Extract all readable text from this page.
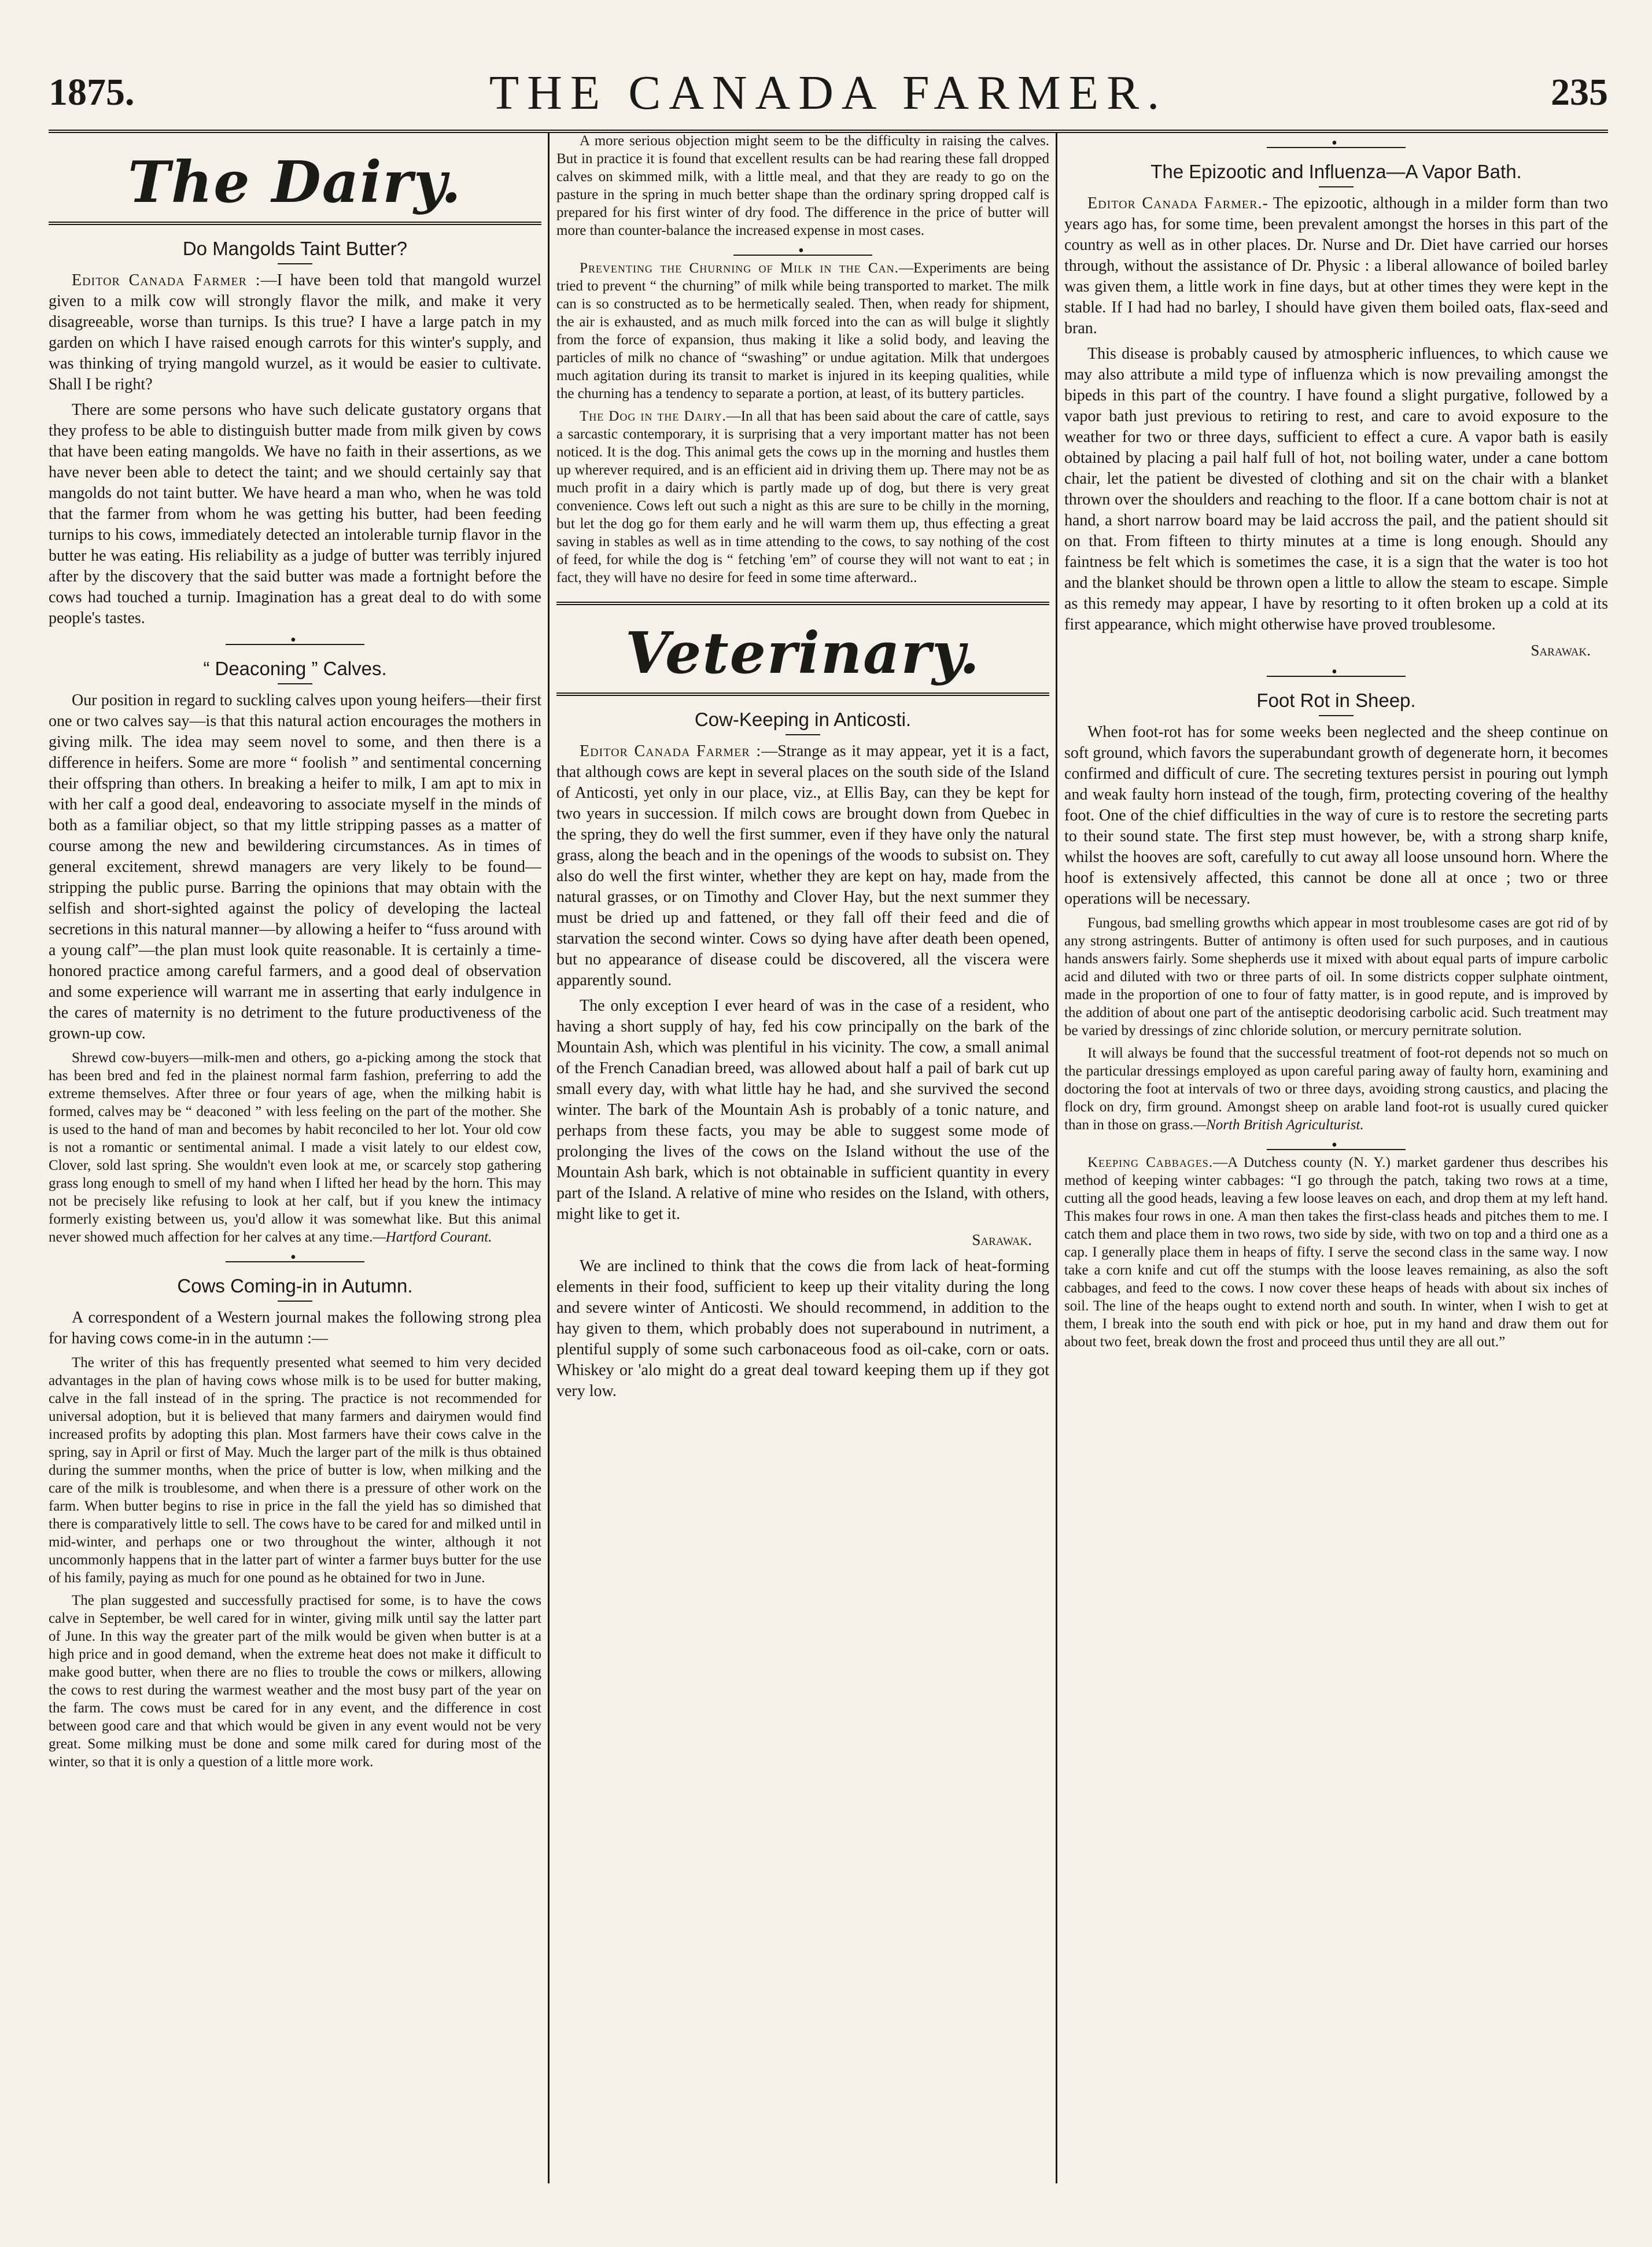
1875.	THE CANADA FARMER.	235
The Dairy.
Do Mangolds Taint Butter?

Editor Canada Farmer :—I have been told that mangold wurzel given to a milk cow will strongly flavor the milk, and make it very disagreeable, worse than turnips. Is this true? I have a large patch in my garden on which I have raised enough carrots for this winter's supply, and was thinking of trying mangold wurzel, as it would be easier to cultivate. Shall I be right?

There are some persons who have such delicate gustatory organs that they profess to be able to distinguish butter made from milk given by cows that have been eating mangolds. We have no faith in their assertions, as we have never been able to detect the taint; and we should certainly say that mangolds do not taint butter. We have heard a man who, when he was told that the farmer from whom he was getting his butter, had been feeding turnips to his cows, immediately detected an intolerable turnip flavor in the butter he was eating. His reliability as a judge of butter was terribly injured after by the discovery that the said butter was made a fortnight before the cows had touched a turnip. Imagination has a great deal to do with some people's tastes.

•
“ Deaconing ” Calves.

Our position in regard to suckling calves upon young heifers—their first one or two calves say—is that this natural action encourages the mothers in giving milk. The idea may seem novel to some, and then there is a difference in heifers. Some are more “ foolish ” and sentimental concerning their offspring than others. In breaking a heifer to milk, I am apt to mix in with her calf a good deal, endeavoring to associate myself in the minds of both as a familiar object, so that my little stripping passes as a matter of course among the new and bewildering circumstances. As in times of general excitement, shrewd managers are very likely to be found—stripping the public purse. Barring the opinions that may obtain with the selfish and short-sighted against the policy of developing the lacteal secretions in this natural manner—by allowing a heifer to “fuss around with a young calf”—the plan must look quite reasonable. It is certainly a time-honored practice among careful farmers, and a good deal of observation and some experience will warrant me in asserting that early indulgence in the cares of maternity is no detriment to the future productiveness of the grown-up cow.

Shrewd cow-buyers—milk-men and others, go a-picking among the stock that has been bred and fed in the plainest normal farm fashion, preferring to add the extreme themselves. After three or four years of age, when the milking habit is formed, calves may be “ deaconed ” with less feeling on the part of the mother. She is used to the hand of man and becomes by habit reconciled to her lot. Your old cow is not a romantic or sentimental animal. I made a visit lately to our eldest cow, Clover, sold last spring. She wouldn't even look at me, or scarcely stop gathering grass long enough to smell of my hand when I lifted her head by the horn. This may not be precisely like refusing to look at her calf, but if you knew the intimacy formerly existing between us, you'd allow it was somewhat like. But this animal never showed much affection for her calves at any time.—Hartford Courant.

•
Cows Coming-in in Autumn.

A correspondent of a Western journal makes the following strong plea for having cows come-in in the autumn :—

The writer of this has frequently presented what seemed to him very decided advantages in the plan of having cows whose milk is to be used for butter making, calve in the fall instead of in the spring. The practice is not recommended for universal adoption, but it is believed that many farmers and dairymen would find increased profits by adopting this plan. Most farmers have their cows calve in the spring, say in April or first of May. Much the larger part of the milk is thus obtained during the summer months, when the price of butter is low, when milking and the care of the milk is troublesome, and when there is a pressure of other work on the farm. When butter begins to rise in price in the fall the yield has so dimished that there is comparatively little to sell. The cows have to be cared for and milked until in mid-winter, and perhaps one or two throughout the winter, although it not uncommonly happens that in the latter part of winter a farmer buys butter for the use of his family, paying as much for one pound as he obtained for two in June.

The plan suggested and successfully practised for some, is to have the cows calve in September, be well cared for in winter, giving milk until say the latter part of June. In this way the greater part of the milk would be given when butter is at a high price and in good demand, when the extreme heat does not make it difficult to make good butter, when there are no flies to trouble the cows or milkers, allowing the cows to rest during the warmest weather and the most busy part of the year on the farm. The cows must be cared for in any event, and the difference in cost between good care and that which would be given in any event would not be very great. Some milking must be done and some milk cared for during most of the winter, so that it is only a question of a little more work.

A more serious objection might seem to be the difficulty in raising the calves. But in practice it is found that excellent results can be had rearing these fall dropped calves on skimmed milk, with a little meal, and that they are ready to go on the pasture in the spring in much better shape than the ordinary spring dropped calf is prepared for his first winter of dry food. The difference in the price of butter will more than counter-balance the increased expense in most cases.

•

Preventing the Churning of Milk in the Can.—Experiments are being tried to prevent “ the churning” of milk while being transported to market. The milk can is so constructed as to be hermetically sealed. Then, when ready for shipment, the air is exhausted, and as much milk forced into the can as will bulge it slightly from the force of expansion, thus making it like a solid body, and leaving the particles of milk no chance of “swashing” or undue agitation. Milk that undergoes much agitation during its transit to market is injured in its keeping qualities, while the churning has a tendency to separate a portion, at least, of its buttery particles.

The Dog in the Dairy.—In all that has been said about the care of cattle, says a sarcastic contemporary, it is surprising that a very important matter has not been noticed. It is the dog. This animal gets the cows up in the morning and hustles them up wherever required, and is an efficient aid in driving them up. There may not be as much profit in a dairy which is partly made up of dog, but there is very great convenience. Cows left out such a night as this are sure to be chilly in the morning, but let the dog go for them early and he will warm them up, thus effecting a great saving in stables as well as in time attending to the cows, to say nothing of the cost of feed, for while the dog is “ fetching 'em” of course they will not want to eat ; in fact, they will have no desire for feed in some time afterward..

Veterinary.
Cow-Keeping in Anticosti.

Editor Canada Farmer :—Strange as it may appear, yet it is a fact, that although cows are kept in several places on the south side of the Island of Anticosti, yet only in our place, viz., at Ellis Bay, can they be kept for two years in succession. If milch cows are brought down from Quebec in the spring, they do well the first summer, even if they have only the natural grass, along the beach and in the openings of the woods to subsist on. They also do well the first winter, whether they are kept on hay, made from the natural grasses, or on Timothy and Clover Hay, but the next summer they must be dried up and fattened, or they fall off their feed and die of starvation the second winter. Cows so dying have after death been opened, but no appearance of disease could be discovered, all the viscera were apparently sound.

The only exception I ever heard of was in the case of a resident, who having a short supply of hay, fed his cow principally on the bark of the Mountain Ash, which was plentiful in his vicinity. The cow, a small animal of the French Canadian breed, was allowed about half a pail of bark cut up small every day, with what little hay he had, and she survived the second winter. The bark of the Mountain Ash is probably of a tonic nature, and perhaps from these facts, you may be able to suggest some mode of prolonging the lives of the cows on the Island without the use of the Mountain Ash bark, which is not obtainable in sufficient quantity in every part of the Island. A relative of mine who resides on the Island, with others, might like to get it.

Sarawak.

We are inclined to think that the cows die from lack of heat-forming elements in their food, sufficient to keep up their vitality during the long and severe winter of Anticosti. We should recommend, in addition to the hay given to them, which probably does not superabound in nutriment, a plentiful supply of some such carbonaceous food as oil-cake, corn or oats. Whiskey or 'alo might do a great deal toward keeping them up if they got very low.

•
The Epizootic and Influenza—A Vapor Bath.

Editor Canada Farmer.- The epizootic, although in a milder form than two years ago has, for some time, been prevalent amongst the horses in this part of the country as well as in other places. Dr. Nurse and Dr. Diet have carried our horses through, without the assistance of Dr. Physic : a liberal allowance of boiled barley was given them, a little work in fine days, but at other times they were kept in the stable. If I had had no barley, I should have given them boiled oats, flax-seed and bran.

This disease is probably caused by atmospheric influences, to which cause we may also attribute a mild type of influenza which is now prevailing amongst the bipeds in this part of the country. I have found a slight purgative, followed by a vapor bath just previous to retiring to rest, and care to avoid exposure to the weather for two or three days, sufficient to effect a cure. A vapor bath is easily obtained by placing a pail half full of hot, not boiling water, under a cane bottom chair, let the patient be divested of clothing and sit on the chair with a blanket thrown over the shoulders and reaching to the floor. If a cane bottom chair is not at hand, a short narrow board may be laid accross the pail, and the patient should sit on that. From fifteen to thirty minutes at a time is long enough. Should any faintness be felt which is sometimes the case, it is a sign that the water is too hot and the blanket should be thrown open a little to allow the steam to escape. Simple as this remedy may appear, I have by resorting to it often broken up a cold at its first appearance, which might otherwise have proved troublesome.

Sarawak.

•
Foot Rot in Sheep.

When foot-rot has for some weeks been neglected and the sheep continue on soft ground, which favors the superabundant growth of degenerate horn, it becomes confirmed and difficult of cure. The secreting textures persist in pouring out lymph and weak faulty horn instead of the tough, firm, protecting covering of the healthy foot. One of the chief difficulties in the way of cure is to restore the secreting parts to their sound state. The first step must however, be, with a strong sharp knife, whilst the hooves are soft, carefully to cut away all loose unsound horn. Where the hoof is extensively affected, this cannot be done all at once ; two or three operations will be necessary.

Fungous, bad smelling growths which appear in most troublesome cases are got rid of by any strong astringents. Butter of antimony is often used for such purposes, and in cautious hands answers fairly. Some shepherds use it mixed with about equal parts of impure carbolic acid and diluted with two or three parts of oil. In some districts copper sulphate ointment, made in the proportion of one to four of fatty matter, is in good repute, and is improved by the addition of about one part of the antiseptic deodorising carbolic acid. Such treatment may be varied by dressings of zinc chloride solution, or mercury pernitrate solution.

It will always be found that the successful treatment of foot-rot depends not so much on the particular dressings employed as upon careful paring away of faulty horn, examining and doctoring the foot at intervals of two or three days, avoiding strong caustics, and placing the flock on dry, firm ground. Amongst sheep on arable land foot-rot is usually cured quicker than in those on grass.—North British Agriculturist.

•

Keeping Cabbages.—A Dutchess county (N. Y.) market gardener thus describes his method of keeping winter cabbages: “I go through the patch, taking two rows at a time, cutting all the good heads, leaving a few loose leaves on each, and drop them at my left hand. This makes four rows in one. A man then takes the first-class heads and pitches them to me. I catch them and place them in two rows, two side by side, with two on top and a third one as a cap. I generally place them in heaps of fifty. I serve the second class in the same way. I now take a corn knife and cut off the stumps with the loose leaves remaining, as also the soft cabbages, and feed to the cows. I now cover these heaps of heads with about six inches of soil. The line of the heaps ought to extend north and south. In winter, when I wish to get at them, I break into the south end with pick or hoe, put in my hand and draw them out for about two feet, break down the frost and proceed thus until they are all out.”
